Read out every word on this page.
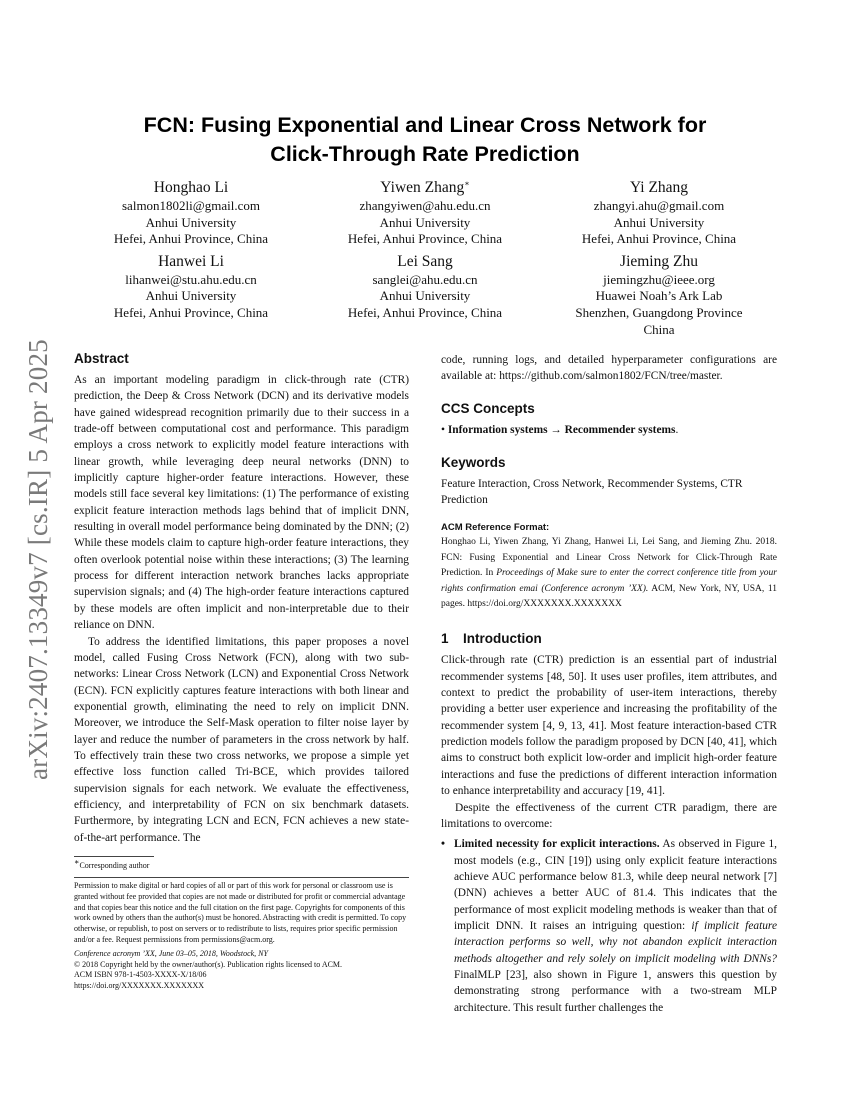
arXiv:2407.13349v7 [cs.IR] 5 Apr 2025
FCN: Fusing Exponential and Linear Cross Network for
Click-Through Rate Prediction
Honghao Li
salmon1802li@gmail.com
Anhui University
Hefei, Anhui Province, China
Yiwen Zhang∗
zhangyiwen@ahu.edu.cn
Anhui University
Hefei, Anhui Province, China
Yi Zhang
zhangyi.ahu@gmail.com
Anhui University
Hefei, Anhui Province, China
Hanwei Li
lihanwei@stu.ahu.edu.cn
Anhui University
Hefei, Anhui Province, China
Lei Sang
sanglei@ahu.edu.cn
Anhui University
Hefei, Anhui Province, China
Jieming Zhu
jiemingzhu@ieee.org
Huawei Noah’s Ark Lab
Shenzhen, Guangdong Province
China
Abstract

As an important modeling paradigm in click-through rate (CTR) prediction, the Deep & Cross Network (DCN) and its derivative models have gained widespread recognition primarily due to their success in a trade-off between computational cost and performance. This paradigm employs a cross network to explicitly model feature interactions with linear growth, while leveraging deep neural networks (DNN) to implicitly capture higher-order feature interactions. However, these models still face several key limitations: (1) The performance of existing explicit feature interaction methods lags behind that of implicit DNN, resulting in overall model performance being dominated by the DNN; (2) While these models claim to capture high-order feature interactions, they often overlook potential noise within these interactions; (3) The learning process for different interaction network branches lacks appropriate supervision signals; and (4) The high-order feature interactions captured by these models are often implicit and non-interpretable due to their reliance on DNN.

To address the identified limitations, this paper proposes a novel model, called Fusing Cross Network (FCN), along with two sub-networks: Linear Cross Network (LCN) and Exponential Cross Network (ECN). FCN explicitly captures feature interactions with both linear and exponential growth, eliminating the need to rely on implicit DNN. Moreover, we introduce the Self-Mask operation to filter noise layer by layer and reduce the number of parameters in the cross network by half. To effectively train these two cross networks, we propose a simple yet effective loss function called Tri-BCE, which provides tailored supervision signals for each network. We evaluate the effectiveness, efficiency, and interpretability of FCN on six benchmark datasets. Furthermore, by integrating LCN and ECN, FCN achieves a new state-of-the-art performance. The

∗Corresponding author

Permission to make digital or hard copies of all or part of this work for personal or classroom use is granted without fee provided that copies are not made or distributed for profit or commercial advantage and that copies bear this notice and the full citation on the first page. Copyrights for components of this work owned by others than the author(s) must be honored. Abstracting with credit is permitted. To copy otherwise, or republish, to post on servers or to redistribute to lists, requires prior specific permission and/or a fee. Request permissions from permissions@acm.org.

Conference acronym ’XX, June 03–05, 2018, Woodstock, NY

© 2018 Copyright held by the owner/author(s). Publication rights licensed to ACM.

ACM ISBN 978-1-4503-XXXX-X/18/06

https://doi.org/XXXXXXX.XXXXXXX

code, running logs, and detailed hyperparameter configurations are available at: https://github.com/salmon1802/FCN/tree/master.

CCS Concepts

• Information systems → Recommender systems.

Keywords

Feature Interaction, Cross Network, Recommender Systems, CTR Prediction

ACM Reference Format:

Honghao Li, Yiwen Zhang, Yi Zhang, Hanwei Li, Lei Sang, and Jieming Zhu. 2018. FCN: Fusing Exponential and Linear Cross Network for Click-Through Rate Prediction. In Proceedings of Make sure to enter the correct conference title from your rights confirmation emai (Conference acronym ’XX). ACM, New York, NY, USA, 11 pages. https://doi.org/XXXXXXX.XXXXXXX

1 Introduction

Click-through rate (CTR) prediction is an essential part of industrial recommender systems [48, 50]. It uses user profiles, item attributes, and context to predict the probability of user-item interactions, thereby providing a better user experience and increasing the profitability of the recommender system [4, 9, 13, 41]. Most feature interaction-based CTR prediction models follow the paradigm proposed by DCN [40, 41], which aims to construct both explicit low-order and implicit high-order feature interactions and fuse the predictions of different interaction information to enhance interpretability and accuracy [19, 41].

Despite the effectiveness of the current CTR paradigm, there are limitations to overcome:

• Limited necessity for explicit interactions. As observed in Figure 1, most models (e.g., CIN [19]) using only explicit feature interactions achieve AUC performance below 81.3, while deep neural network [7] (DNN) achieves a better AUC of 81.4. This indicates that the performance of most explicit modeling methods is weaker than that of implicit DNN. It raises an intriguing question: if implicit feature interaction performs so well, why not abandon explicit interaction methods altogether and rely solely on implicit modeling with DNNs? FinalMLP [23], also shown in Figure 1, answers this question by demonstrating strong performance with a two-stream MLP architecture. This result further challenges the
